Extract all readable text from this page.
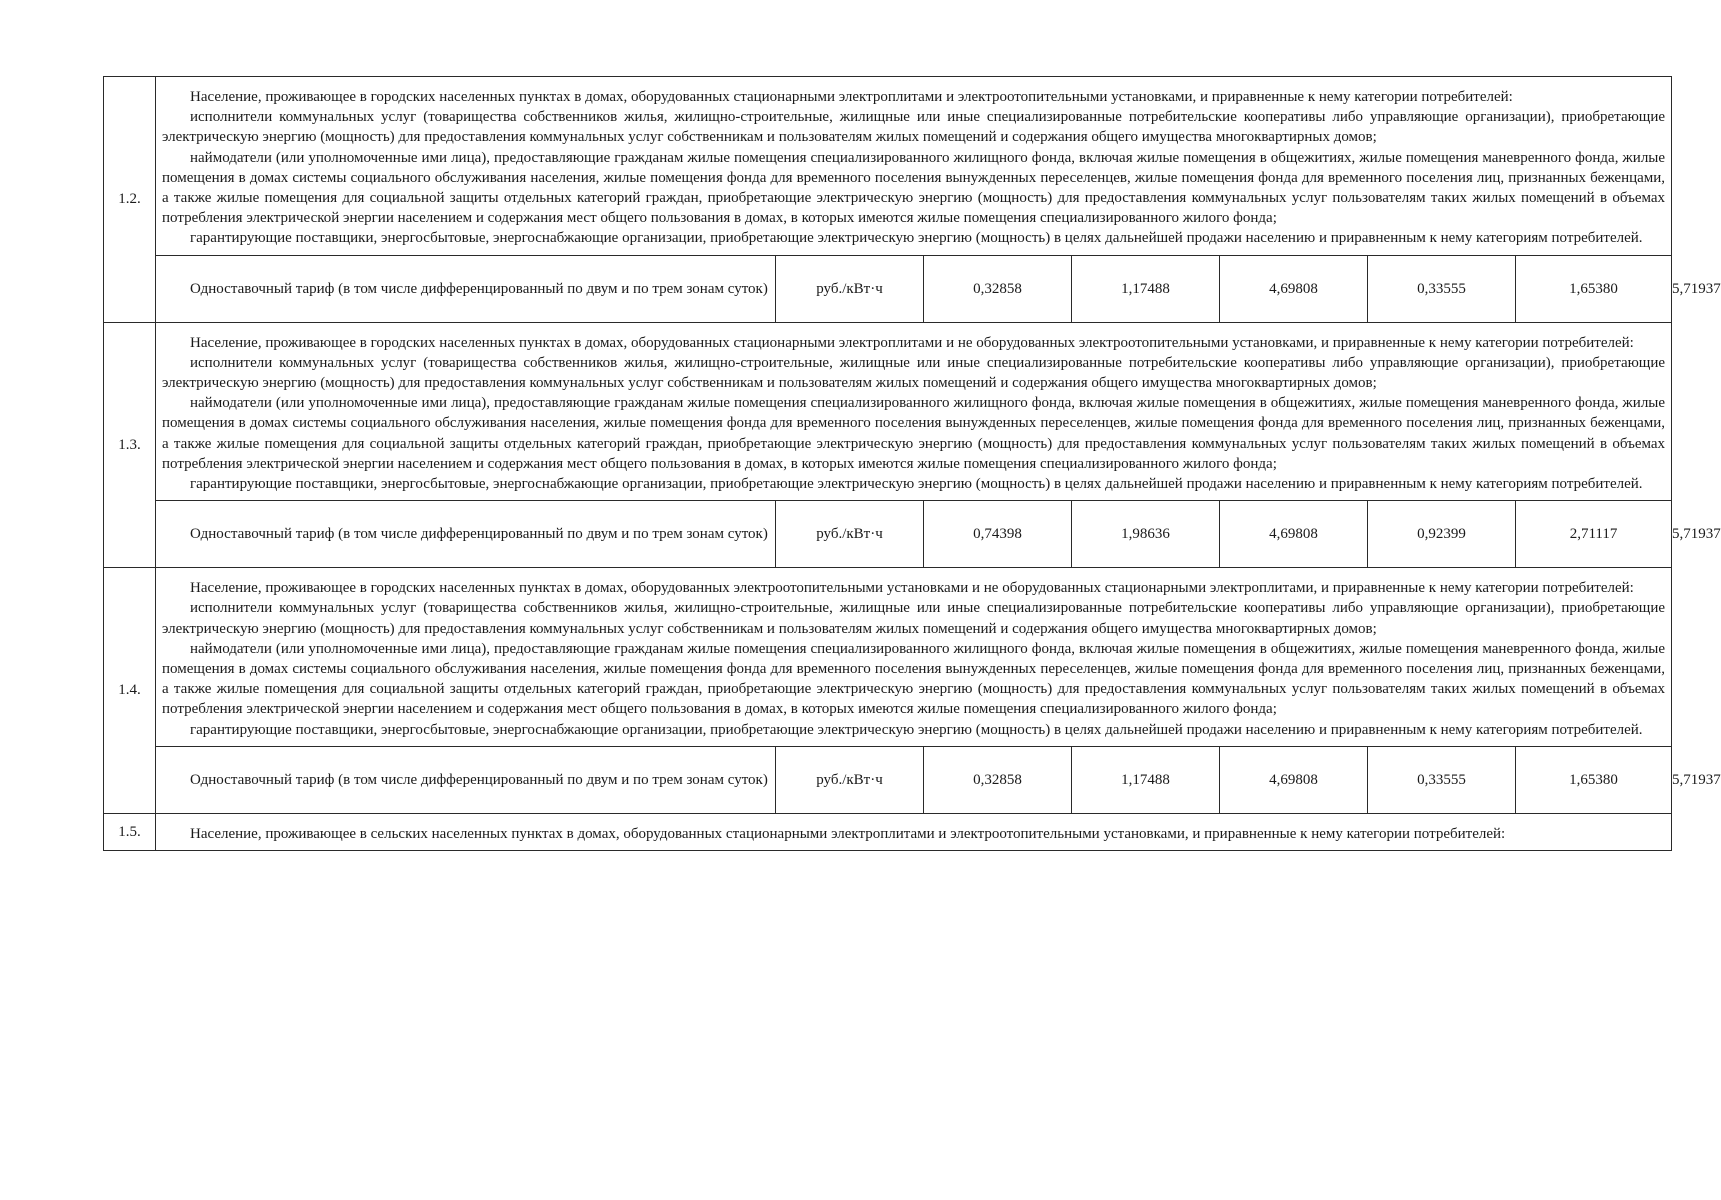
1.2.	Население, проживающее в городских населенных пунктах в домах, оборудованных стационарными электроплитами и электроотопительными установками, и приравненные к нему категории потребителей:

исполнители коммунальных услуг (товарищества собственников жилья, жилищно-строительные, жилищные или иные специализированные потребительские кооперативы либо управляющие организации), приобретающие электрическую энергию (мощность) для предоставления коммунальных услуг собственникам и пользователям жилых помещений и содержания общего имущества многоквартирных домов;

наймодатели (или уполномоченные ими лица), предоставляющие гражданам жилые помещения специализированного жилищного фонда, включая жилые помещения в общежитиях, жилые помещения маневренного фонда, жилые помещения в домах системы социального обслуживания населения, жилые помещения фонда для временного поселения вынужденных переселенцев, жилые помещения фонда для временного поселения лиц, признанных беженцами, а также жилые помещения для социальной защиты отдельных категорий граждан, приобретающие электрическую энергию (мощность) для предоставления коммунальных услуг пользователям таких жилых помещений в объемах потребления электрической энергии населением и содержания мест общего пользования в домах, в которых имеются жилые помещения специализированного жилого фонда;

гарантирующие поставщики, энергосбытовые, энергоснабжающие организации, приобретающие электрическую энергию (мощность) в целях дальнейшей продажи населению и приравненным к нему категориям потребителей.							

	Одноставочный тариф (в том числе дифференцированный по двум и по трем зонам суток)	руб./кВт·ч	0,32858	1,17488	4,69808	0,33555	1,65380	5,71937
1.3.	Население, проживающее в городских населенных пунктах в домах, оборудованных стационарными электроплитами и не оборудованных электроотопительными установками, и приравненные к нему категории потребителей:

исполнители коммунальных услуг (товарищества собственников жилья, жилищно-строительные, жилищные или иные специализированные потребительские кооперативы либо управляющие организации), приобретающие электрическую энергию (мощность) для предоставления коммунальных услуг собственникам и пользователям жилых помещений и содержания общего имущества многоквартирных домов;

наймодатели (или уполномоченные ими лица), предоставляющие гражданам жилые помещения специализированного жилищного фонда, включая жилые помещения в общежитиях, жилые помещения маневренного фонда, жилые помещения в домах системы социального обслуживания населения, жилые помещения фонда для временного поселения вынужденных переселенцев, жилые помещения фонда для временного поселения лиц, признанных беженцами, а также жилые помещения для социальной защиты отдельных категорий граждан, приобретающие электрическую энергию (мощность) для предоставления коммунальных услуг пользователям таких жилых помещений в объемах потребления электрической энергии населением и содержания мест общего пользования в домах, в которых имеются жилые помещения специализированного жилого фонда;

гарантирующие поставщики, энергосбытовые, энергоснабжающие организации, приобретающие электрическую энергию (мощность) в целях дальнейшей продажи населению и приравненным к нему категориям потребителей.							

	Одноставочный тариф (в том числе дифференцированный по двум и по трем зонам суток)	руб./кВт·ч	0,74398	1,98636	4,69808	0,92399	2,71117	5,71937
1.4.	Население, проживающее в городских населенных пунктах в домах, оборудованных электроотопительными установками и не оборудованных стационарными электроплитами, и приравненные к нему категории потребителей:

исполнители коммунальных услуг (товарищества собственников жилья, жилищно-строительные, жилищные или иные специализированные потребительские кооперативы либо управляющие организации), приобретающие электрическую энергию (мощность) для предоставления коммунальных услуг собственникам и пользователям жилых помещений и содержания общего имущества многоквартирных домов;

наймодатели (или уполномоченные ими лица), предоставляющие гражданам жилые помещения специализированного жилищного фонда, включая жилые помещения в общежитиях, жилые помещения маневренного фонда, жилые помещения в домах системы социального обслуживания населения, жилые помещения фонда для временного поселения вынужденных переселенцев, жилые помещения фонда для временного поселения лиц, признанных беженцами, а также жилые помещения для социальной защиты отдельных категорий граждан, приобретающие электрическую энергию (мощность) для предоставления коммунальных услуг пользователям таких жилых помещений в объемах потребления электрической энергии населением и содержания мест общего пользования в домах, в которых имеются жилые помещения специализированного жилого фонда;

гарантирующие поставщики, энергосбытовые, энергоснабжающие организации, приобретающие электрическую энергию (мощность) в целях дальнейшей продажи населению и приравненным к нему категориям потребителей.							

	Одноставочный тариф (в том числе дифференцированный по двум и по трем зонам суток)	руб./кВт·ч	0,32858	1,17488	4,69808	0,33555	1,65380	5,71937
1.5.	Население, проживающее в сельских населенных пунктах в домах, оборудованных стационарными электроплитами и электроотопительными установками, и приравненные к нему категории потребителей:							
